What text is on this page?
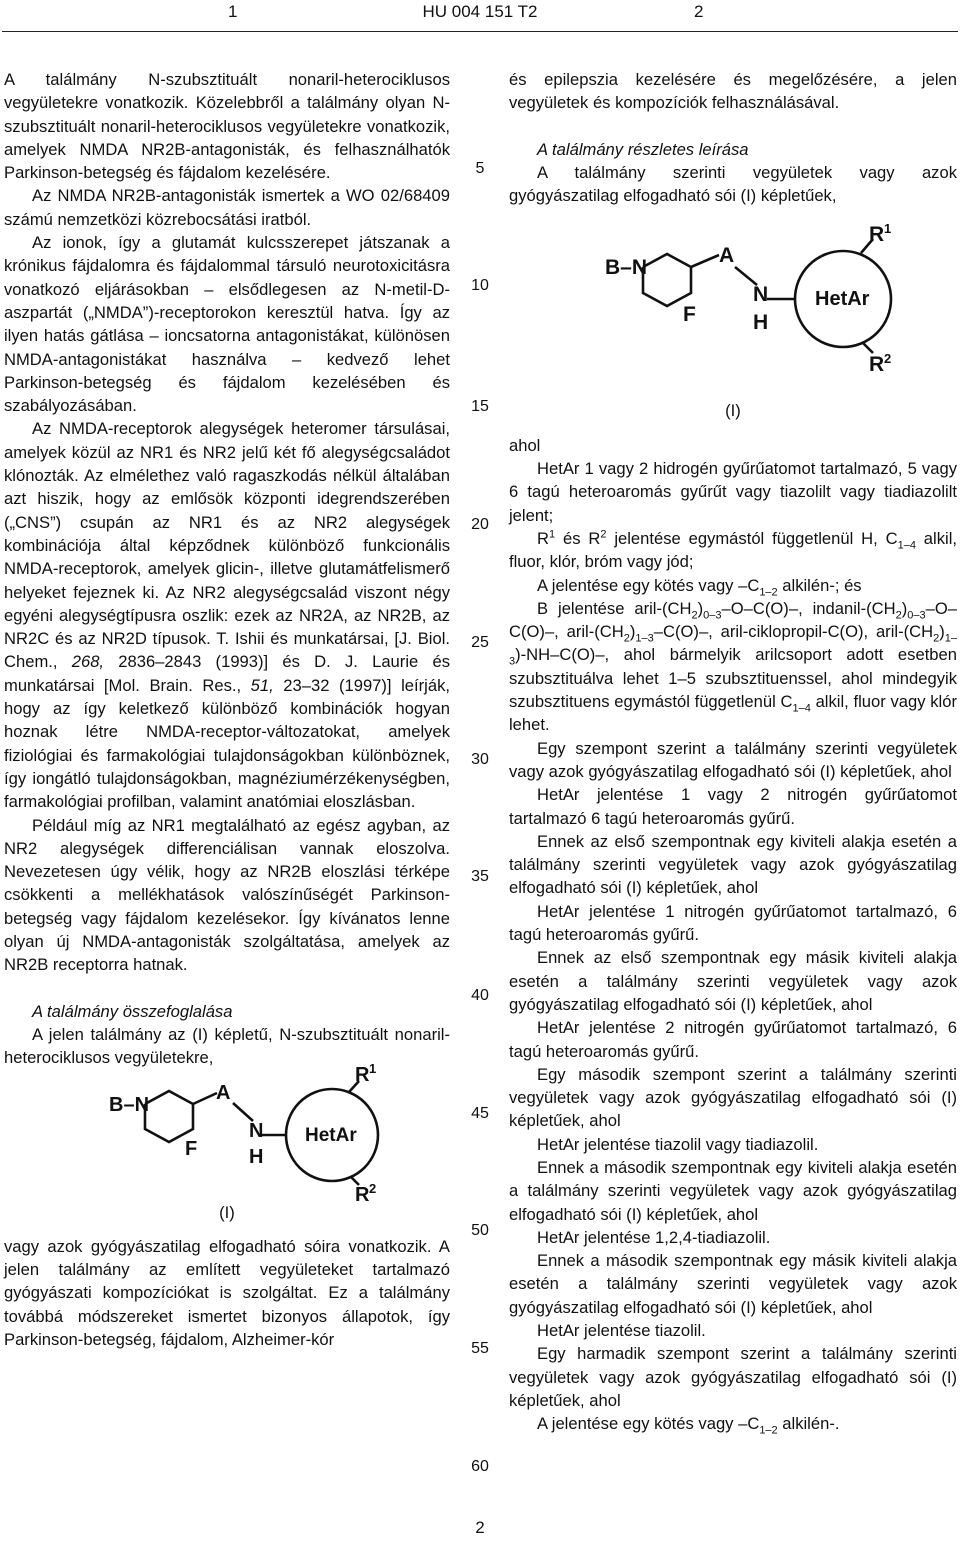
1	HU 004 151 T2	2
5
10
15
20
25
30
35
40
45
50
55
60

A találmány N-szubsztituált nonaril-heterociklusos vegyületekre vonatkozik. Közelebbről a találmány olyan N-szubsztituált nonaril-heterociklusos vegyületekre vonatkozik, amelyek NMDA NR2B-antagonisták, és felhasználhatók Parkinson-betegség és fájdalom kezelésére.

Az NMDA NR2B-antagonisták ismertek a WO 02/68409 számú nemzetközi közrebocsátási iratból.

Az ionok, így a glutamát kulcsszerepet játszanak a krónikus fájdalomra és fájdalommal társuló neurotoxicitásra vonatkozó eljárásokban – elsődlegesen az N-metil-D-aszpartát („NMDA”)-receptorokon keresztül hatva. Így az ilyen hatás gátlása – ioncsatorna antagonistákat, különösen NMDA-antagonistákat használva – kedvező lehet Parkinson-betegség és fájdalom kezelésében és szabályozásában.

Az NMDA-receptorok alegységek heteromer társulásai, amelyek közül az NR1 és NR2 jelű két fő alegységcsaládot klónozták. Az elmélethez való ragaszkodás nélkül általában azt hiszik, hogy az emlősök központi idegrendszerében („CNS”) csupán az NR1 és az NR2 alegységek kombinációja által képződnek különböző funkcionális NMDA-receptorok, amelyek glicin-, illetve glutamátfelismerő helyeket fejeznek ki. Az NR2 alegységcsalád viszont négy egyéni alegységtípusra oszlik: ezek az NR2A, az NR2B, az NR2C és az NR2D típusok. T. Ishii és munkatársai, [J. Biol. Chem., 268, 2836–2843 (1993)] és D. J. Laurie és munkatársai [Mol. Brain. Res., 51, 23–32 (1997)] leírják, hogy az így keletkező különböző kombinációk hogyan hoznak létre NMDA-receptor-változatokat, amelyek fiziológiai és farmakológiai tulajdonságokban különböznek, így iongátló tulajdonságokban, magnéziumérzékenységben, farmakológiai profilban, valamint anatómiai eloszlásban.

Például míg az NR1 megtalálható az egész agyban, az NR2 alegységek differenciálisan vannak eloszolva. Nevezetesen úgy vélik, hogy az NR2B eloszlási térképe csökkenti a mellékhatások valószínűségét Parkinson-betegség vagy fájdalom kezelésekor. Így kívánatos lenne olyan új NMDA-antagonisták szolgáltatása, amelyek az NR2B receptorra hatnak.

A találmány összefoglalása

A jelen találmány az (I) képletű, N-szubsztituált nonaril-heterociklusos vegyületekre,

B–N
A
F
N
H
HetAr
R 1
R 2

(I)

vagy azok gyógyászatilag elfogadható sóira vonatkozik. A jelen találmány az említett vegyületeket tartalmazó gyógyászati kompozíciókat is szolgáltat. Ez a találmány továbbá módszereket ismertet bizonyos állapotok, így Parkinson-betegség, fájdalom, Alzheimer-kór

és epilepszia kezelésére és megelőzésére, a jelen vegyületek és kompozíciók felhasználásával.

A találmány részletes leírása

A találmány szerinti vegyületek vagy azok gyógyászatilag elfogadható sói (I) képletűek,

B–N
A
F
N
H
HetAr
R 1
R 2

(I)

ahol

HetAr 1 vagy 2 hidrogén gyűrűatomot tartalmazó, 5 vagy 6 tagú heteroaromás gyűrűt vagy tiazolilt vagy tiadiazolilt jelent;

$R^1$ és $R^2$ jelentése egymástól függetlenül H, $C_{1-4}$ alkil, fluor, klór, bróm vagy jód;

A jelentése egy kötés vagy $-C_{1-2}$ alkilén-; és

B jelentése aril-$(CH_2)_{0-3}-O-C(O)-$, indanil-$(CH_2)_{0-3}-O-C(O)-$, aril-$(CH_2)_{1-3}-C(O)-$, aril-ciklopropil-C(O), aril-$(CH_2)_{1-3})-NH-C(O)-$, ahol bármelyik arilcsoport adott esetben szubsztituálva lehet 1–5 szubsztituenssel, ahol mindegyik szubsztituens egymástól függetlenül $C_{1-4}$ alkil, fluor vagy klór lehet.

Egy szempont szerint a találmány szerinti vegyületek vagy azok gyógyászatilag elfogadható sói (I) képletűek, ahol

HetAr jelentése 1 vagy 2 nitrogén gyűrűatomot tartalmazó 6 tagú heteroaromás gyűrű.

Ennek az első szempontnak egy kiviteli alakja esetén a találmány szerinti vegyületek vagy azok gyógyászatilag elfogadható sói (I) képletűek, ahol

HetAr jelentése 1 nitrogén gyűrűatomot tartalmazó, 6 tagú heteroaromás gyűrű.

Ennek az első szempontnak egy másik kiviteli alakja esetén a találmány szerinti vegyületek vagy azok gyógyászatilag elfogadható sói (I) képletűek, ahol

HetAr jelentése 2 nitrogén gyűrűatomot tartalmazó, 6 tagú heteroaromás gyűrű.

Egy második szempont szerint a találmány szerinti vegyületek vagy azok gyógyászatilag elfogadható sói (I) képletűek, ahol

HetAr jelentése tiazolil vagy tiadiazolil.

Ennek a második szempontnak egy kiviteli alakja esetén a találmány szerinti vegyületek vagy azok gyógyászatilag elfogadható sói (I) képletűek, ahol

HetAr jelentése 1,2,4-tiadiazolil.

Ennek a második szempontnak egy másik kiviteli alakja esetén a találmány szerinti vegyületek vagy azok gyógyászatilag elfogadható sói (I) képletűek, ahol

HetAr jelentése tiazolil.

Egy harmadik szempont szerint a találmány szerinti vegyületek vagy azok gyógyászatilag elfogadható sói (I) képletűek, ahol

A jelentése egy kötés vagy $-C_{1-2}$ alkilén-.

2
